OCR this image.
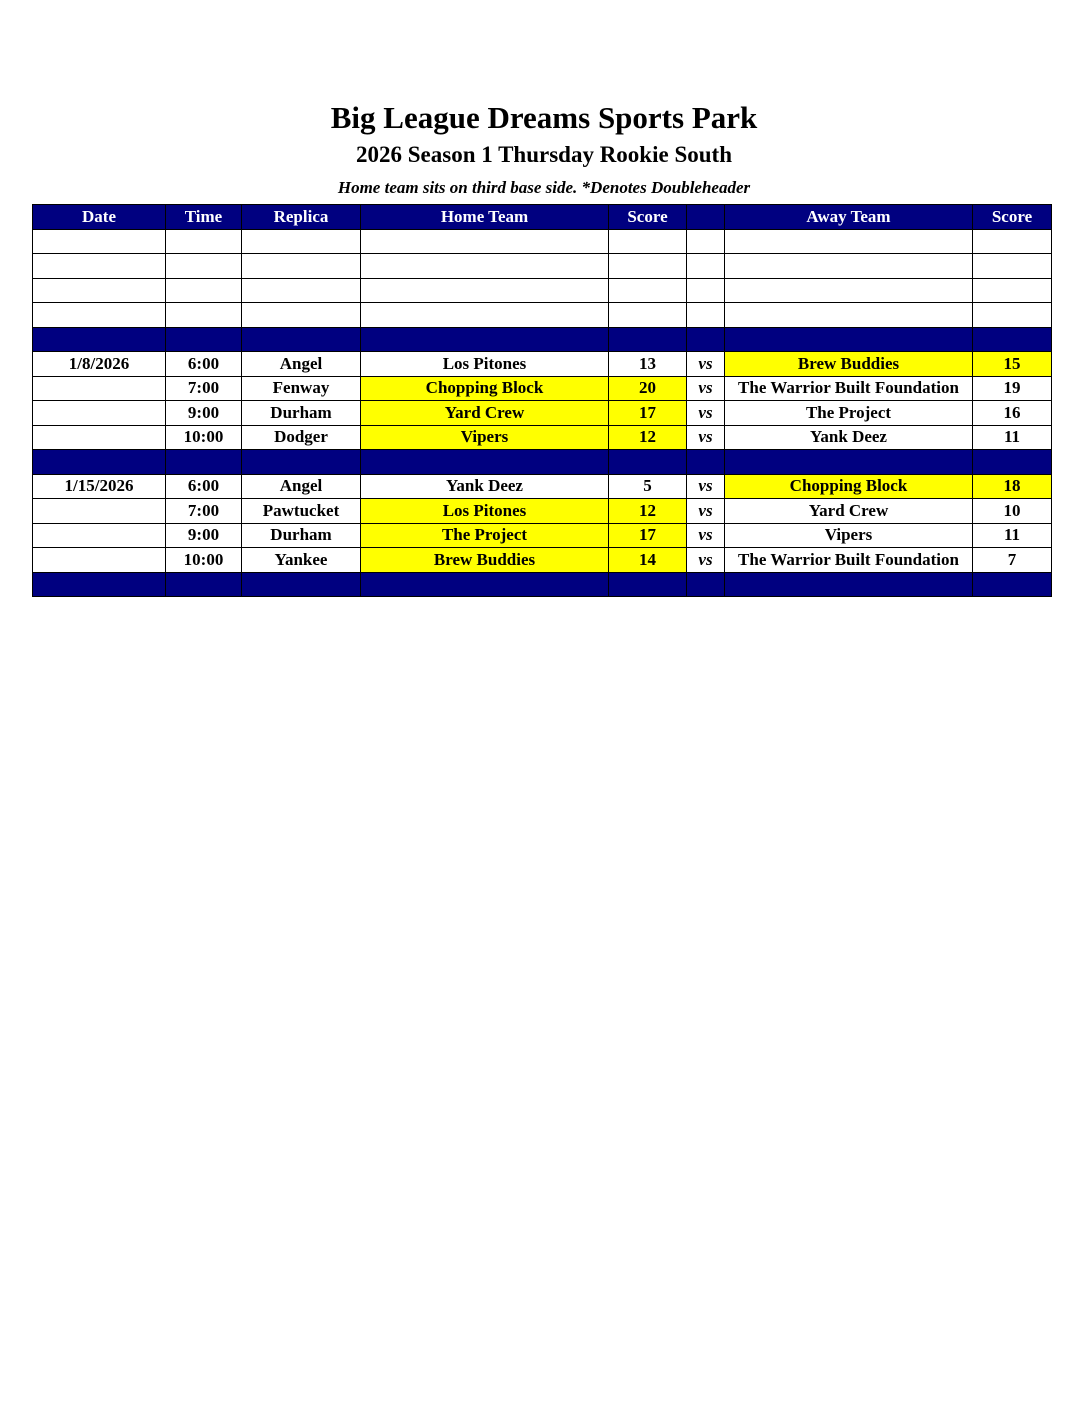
Big League Dreams Sports Park
2026 Season 1 Thursday Rookie South

Home team sits on third base side. *Denotes Doubleheader

Date	Time	Replica	Home Team	Score		Away Team	Score

1/8/2026	6:00	Angel	Los Pitones	13	vs	Brew Buddies	15
	7:00	Fenway	Chopping Block	20	vs	The Warrior Built Foundation	19
	9:00	Durham	Yard Crew	17	vs	The Project	16
	10:00	Dodger	Vipers	12	vs	Yank Deez	11

1/15/2026	6:00	Angel	Yank Deez	5	vs	Chopping Block	18
	7:00	Pawtucket	Los Pitones	12	vs	Yard Crew	10
	9:00	Durham	The Project	17	vs	Vipers	11
	10:00	Yankee	Brew Buddies	14	vs	The Warrior Built Foundation	7
